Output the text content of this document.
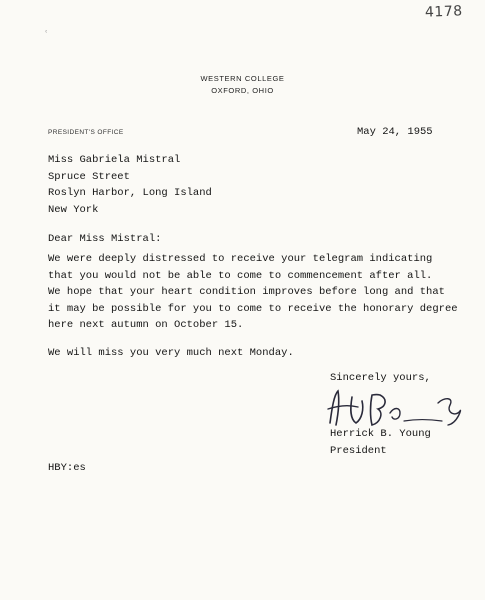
4178
ʿ
WESTERN COLLEGE
OXFORD, OHIO
PRESIDENT'S OFFICE	May 24, 1955
Miss Gabriela Mistral
Spruce Street
Roslyn Harbor, Long Island
New York
Dear Miss Mistral:
We were deeply distressed to receive your telegram indicating
that you would not be able to come to commencement after all.
We hope that your heart condition improves before long and that
it may be possible for you to come to receive the honorary degree
here next autumn on October 15.
We will miss you very much next Monday.
Sincerely yours,
Herrick B. Young
President
HBY:es
